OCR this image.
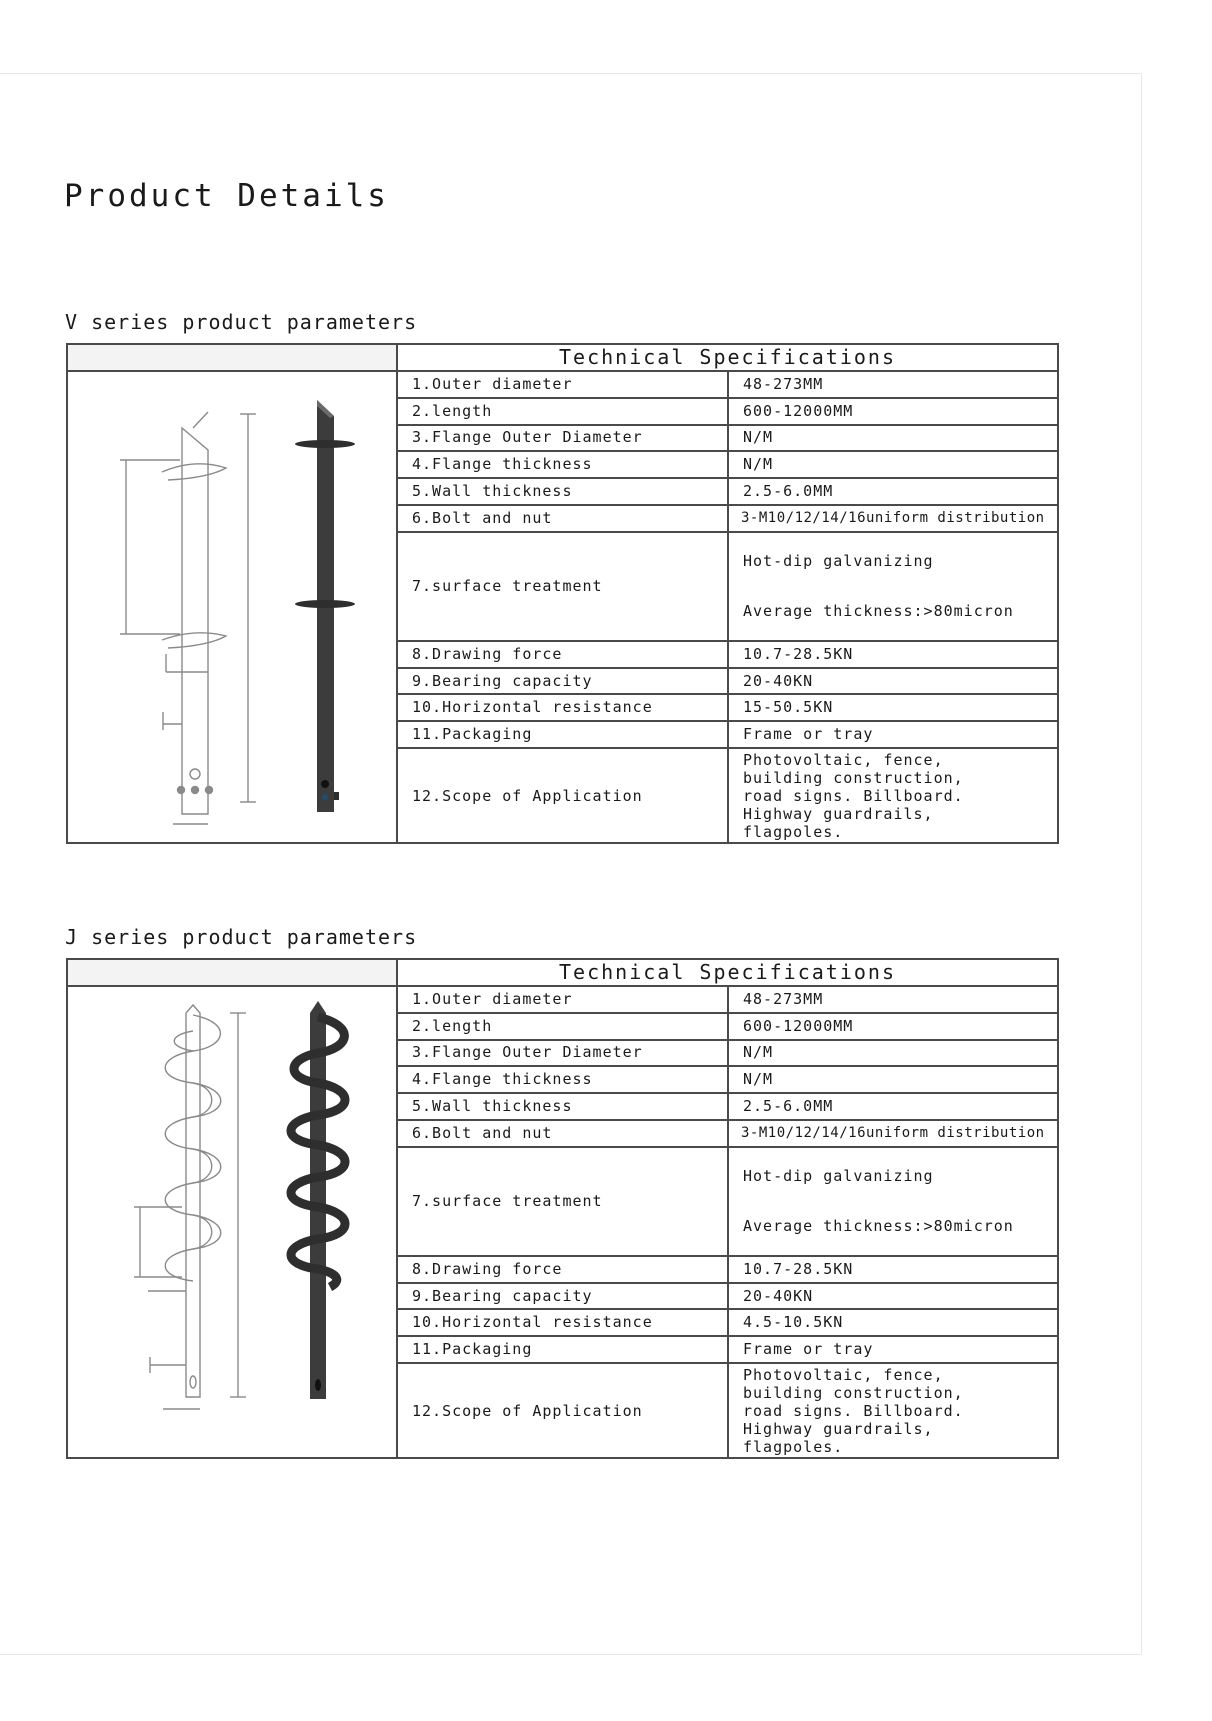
Product Details
V series product parameters
	Technical Specifications	

	1.Outer diameter	48-273MM
	2.length	600-12000MM
	3.Flange Outer Diameter	N/M
	4.Flange thickness	N/M
	5.Wall thickness	2.5-6.0MM
	6.Bolt and nut	3-M10/12/14/16uniform distribution
	7.surface treatment	Hot-dip galvanizing
Average thickness:>80micron

	8.Drawing force	10.7-28.5KN
	9.Bearing capacity	20-40KN
	10.Horizontal resistance	15-50.5KN
	11.Packaging	Frame or tray
	12.Scope of Application	Photovoltaic, fence,
building construction,
road signs. Billboard.
Highway guardrails, flagpoles.
J series product parameters
	Technical Specifications	

	1.Outer diameter	48-273MM
	2.length	600-12000MM
	3.Flange Outer Diameter	N/M
	4.Flange thickness	N/M
	5.Wall thickness	2.5-6.0MM
	6.Bolt and nut	3-M10/12/14/16uniform distribution
	7.surface treatment	Hot-dip galvanizing
Average thickness:>80micron

	8.Drawing force	10.7-28.5KN
	9.Bearing capacity	20-40KN
	10.Horizontal resistance	4.5-10.5KN
	11.Packaging	Frame or tray
	12.Scope of Application	Photovoltaic, fence,
building construction,
road signs. Billboard.
Highway guardrails, flagpoles.
